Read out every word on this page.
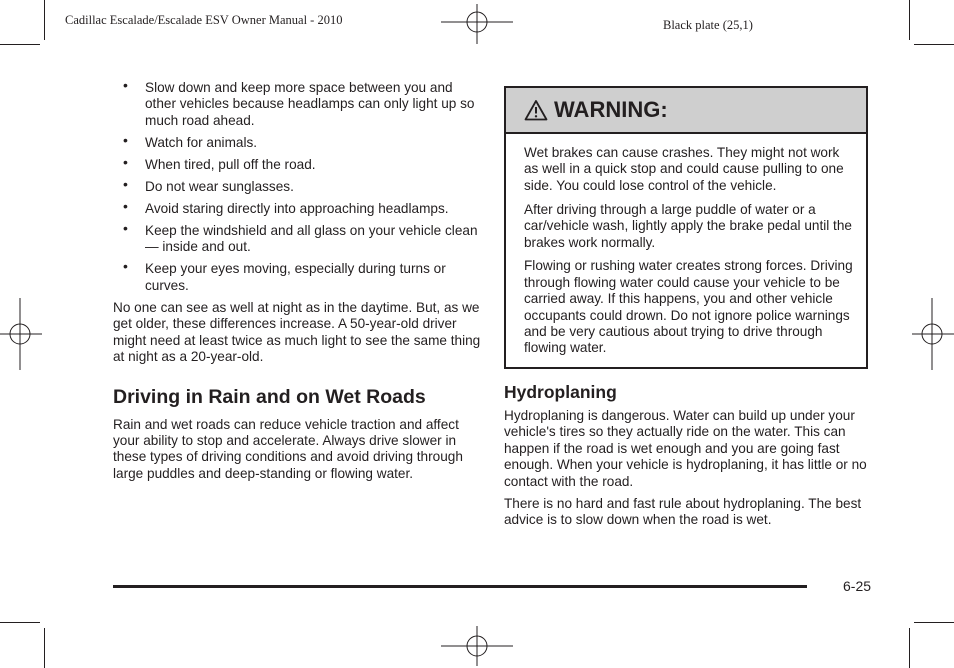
Cadillac Escalade/Escalade ESV Owner Manual - 2010	Black plate (25,1)
• Slow down and keep more space between you and other vehicles because headlamps can only light up so much road ahead.
• Watch for animals.
• When tired, pull off the road.
• Do not wear sunglasses.
• Avoid staring directly into approaching headlamps.
• Keep the windshield and all glass on your vehicle clean — inside and out.
• Keep your eyes moving, especially during turns or curves.

No one can see as well at night as in the daytime. But, as we get older, these differences increase. A 50-year-old driver might need at least twice as much light to see the same thing at night as a 20-year-old.

Driving in Rain and on Wet Roads

Rain and wet roads can reduce vehicle traction and affect your ability to stop and accelerate. Always drive slower in these types of driving conditions and avoid driving through large puddles and deep-standing or flowing water.

WARNING:

Wet brakes can cause crashes. They might not work as well in a quick stop and could cause pulling to one side. You could lose control of the vehicle.

After driving through a large puddle of water or a car/vehicle wash, lightly apply the brake pedal until the brakes work normally.

Flowing or rushing water creates strong forces. Driving through flowing water could cause your vehicle to be carried away. If this happens, you and other vehicle occupants could drown. Do not ignore police warnings and be very cautious about trying to drive through flowing water.

Hydroplaning

Hydroplaning is dangerous. Water can build up under your vehicle's tires so they actually ride on the water. This can happen if the road is wet enough and you are going fast enough. When your vehicle is hydroplaning, it has little or no contact with the road.

There is no hard and fast rule about hydroplaning. The best advice is to slow down when the road is wet.

6-25
